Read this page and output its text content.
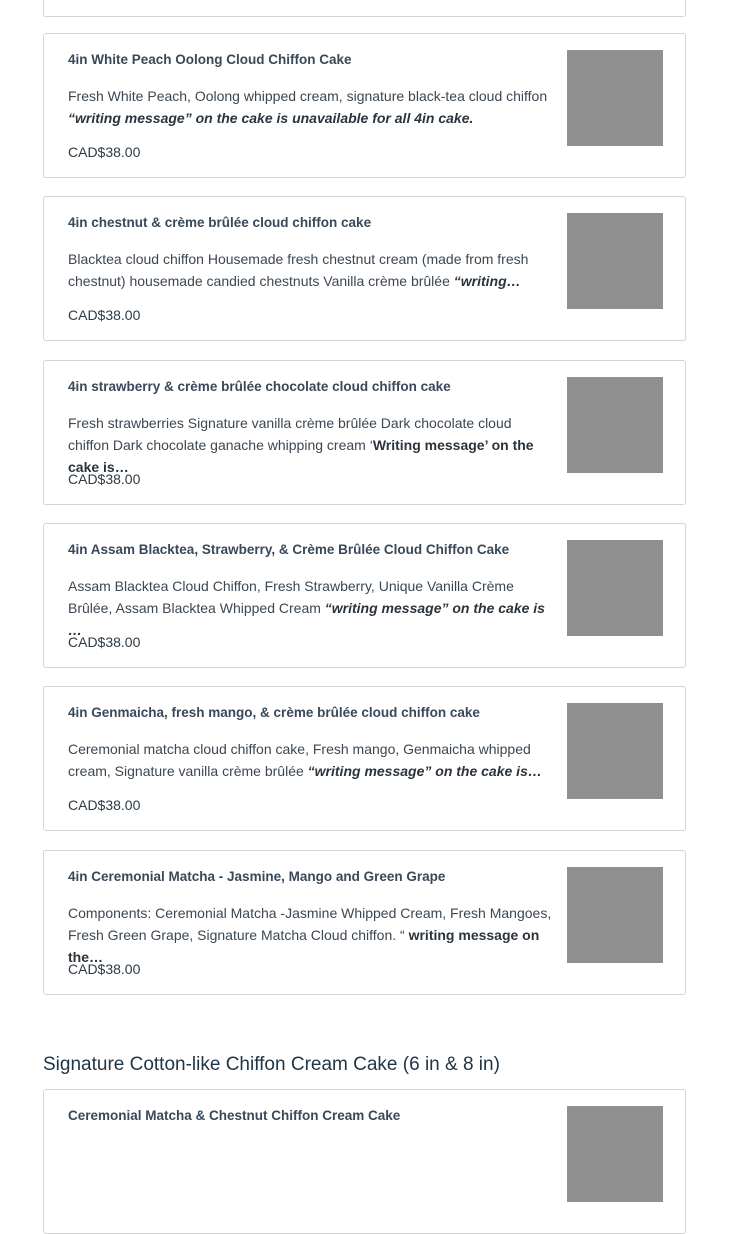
4in White Peach Oolong Cloud Chiffon Cake
Fresh White Peach, Oolong whipped cream, signature black-tea cloud chiffon “writing message” on the cake is unavailable for all 4in cake.
CAD$38.00
4in chestnut & crème brûlée cloud chiffon cake
Blacktea cloud chiffon Housemade fresh chestnut cream (made from fresh chestnut) housemade candied chestnuts Vanilla crème brûlée “writing…
CAD$38.00
4in strawberry & crème brûlée chocolate cloud chiffon cake
Fresh strawberries Signature vanilla crème brûlée Dark chocolate cloud chiffon Dark chocolate ganache whipping cream ‘Writing message’ on the cake is…
CAD$38.00
4in Assam Blacktea, Strawberry, & Crème Brûlée Cloud Chiffon Cake
Assam Blacktea Cloud Chiffon, Fresh Strawberry, Unique Vanilla Crème Brûlée, Assam Blacktea Whipped Cream “writing message” on the cake is …
CAD$38.00
4in Genmaicha, fresh mango, & crème brûlée cloud chiffon cake
Ceremonial matcha cloud chiffon cake, Fresh mango, Genmaicha whipped cream, Signature vanilla crème brûlée “writing message” on the cake is…
CAD$38.00
4in Ceremonial Matcha - Jasmine, Mango and Green Grape
Components: Ceremonial Matcha -Jasmine Whipped Cream, Fresh Mangoes, Fresh Green Grape, Signature Matcha Cloud chiffon. “ writing message on the…
CAD$38.00
Signature Cotton-like Chiffon Cream Cake (6 in & 8 in)
Ceremonial Matcha & Chestnut Chiffon Cream Cake
